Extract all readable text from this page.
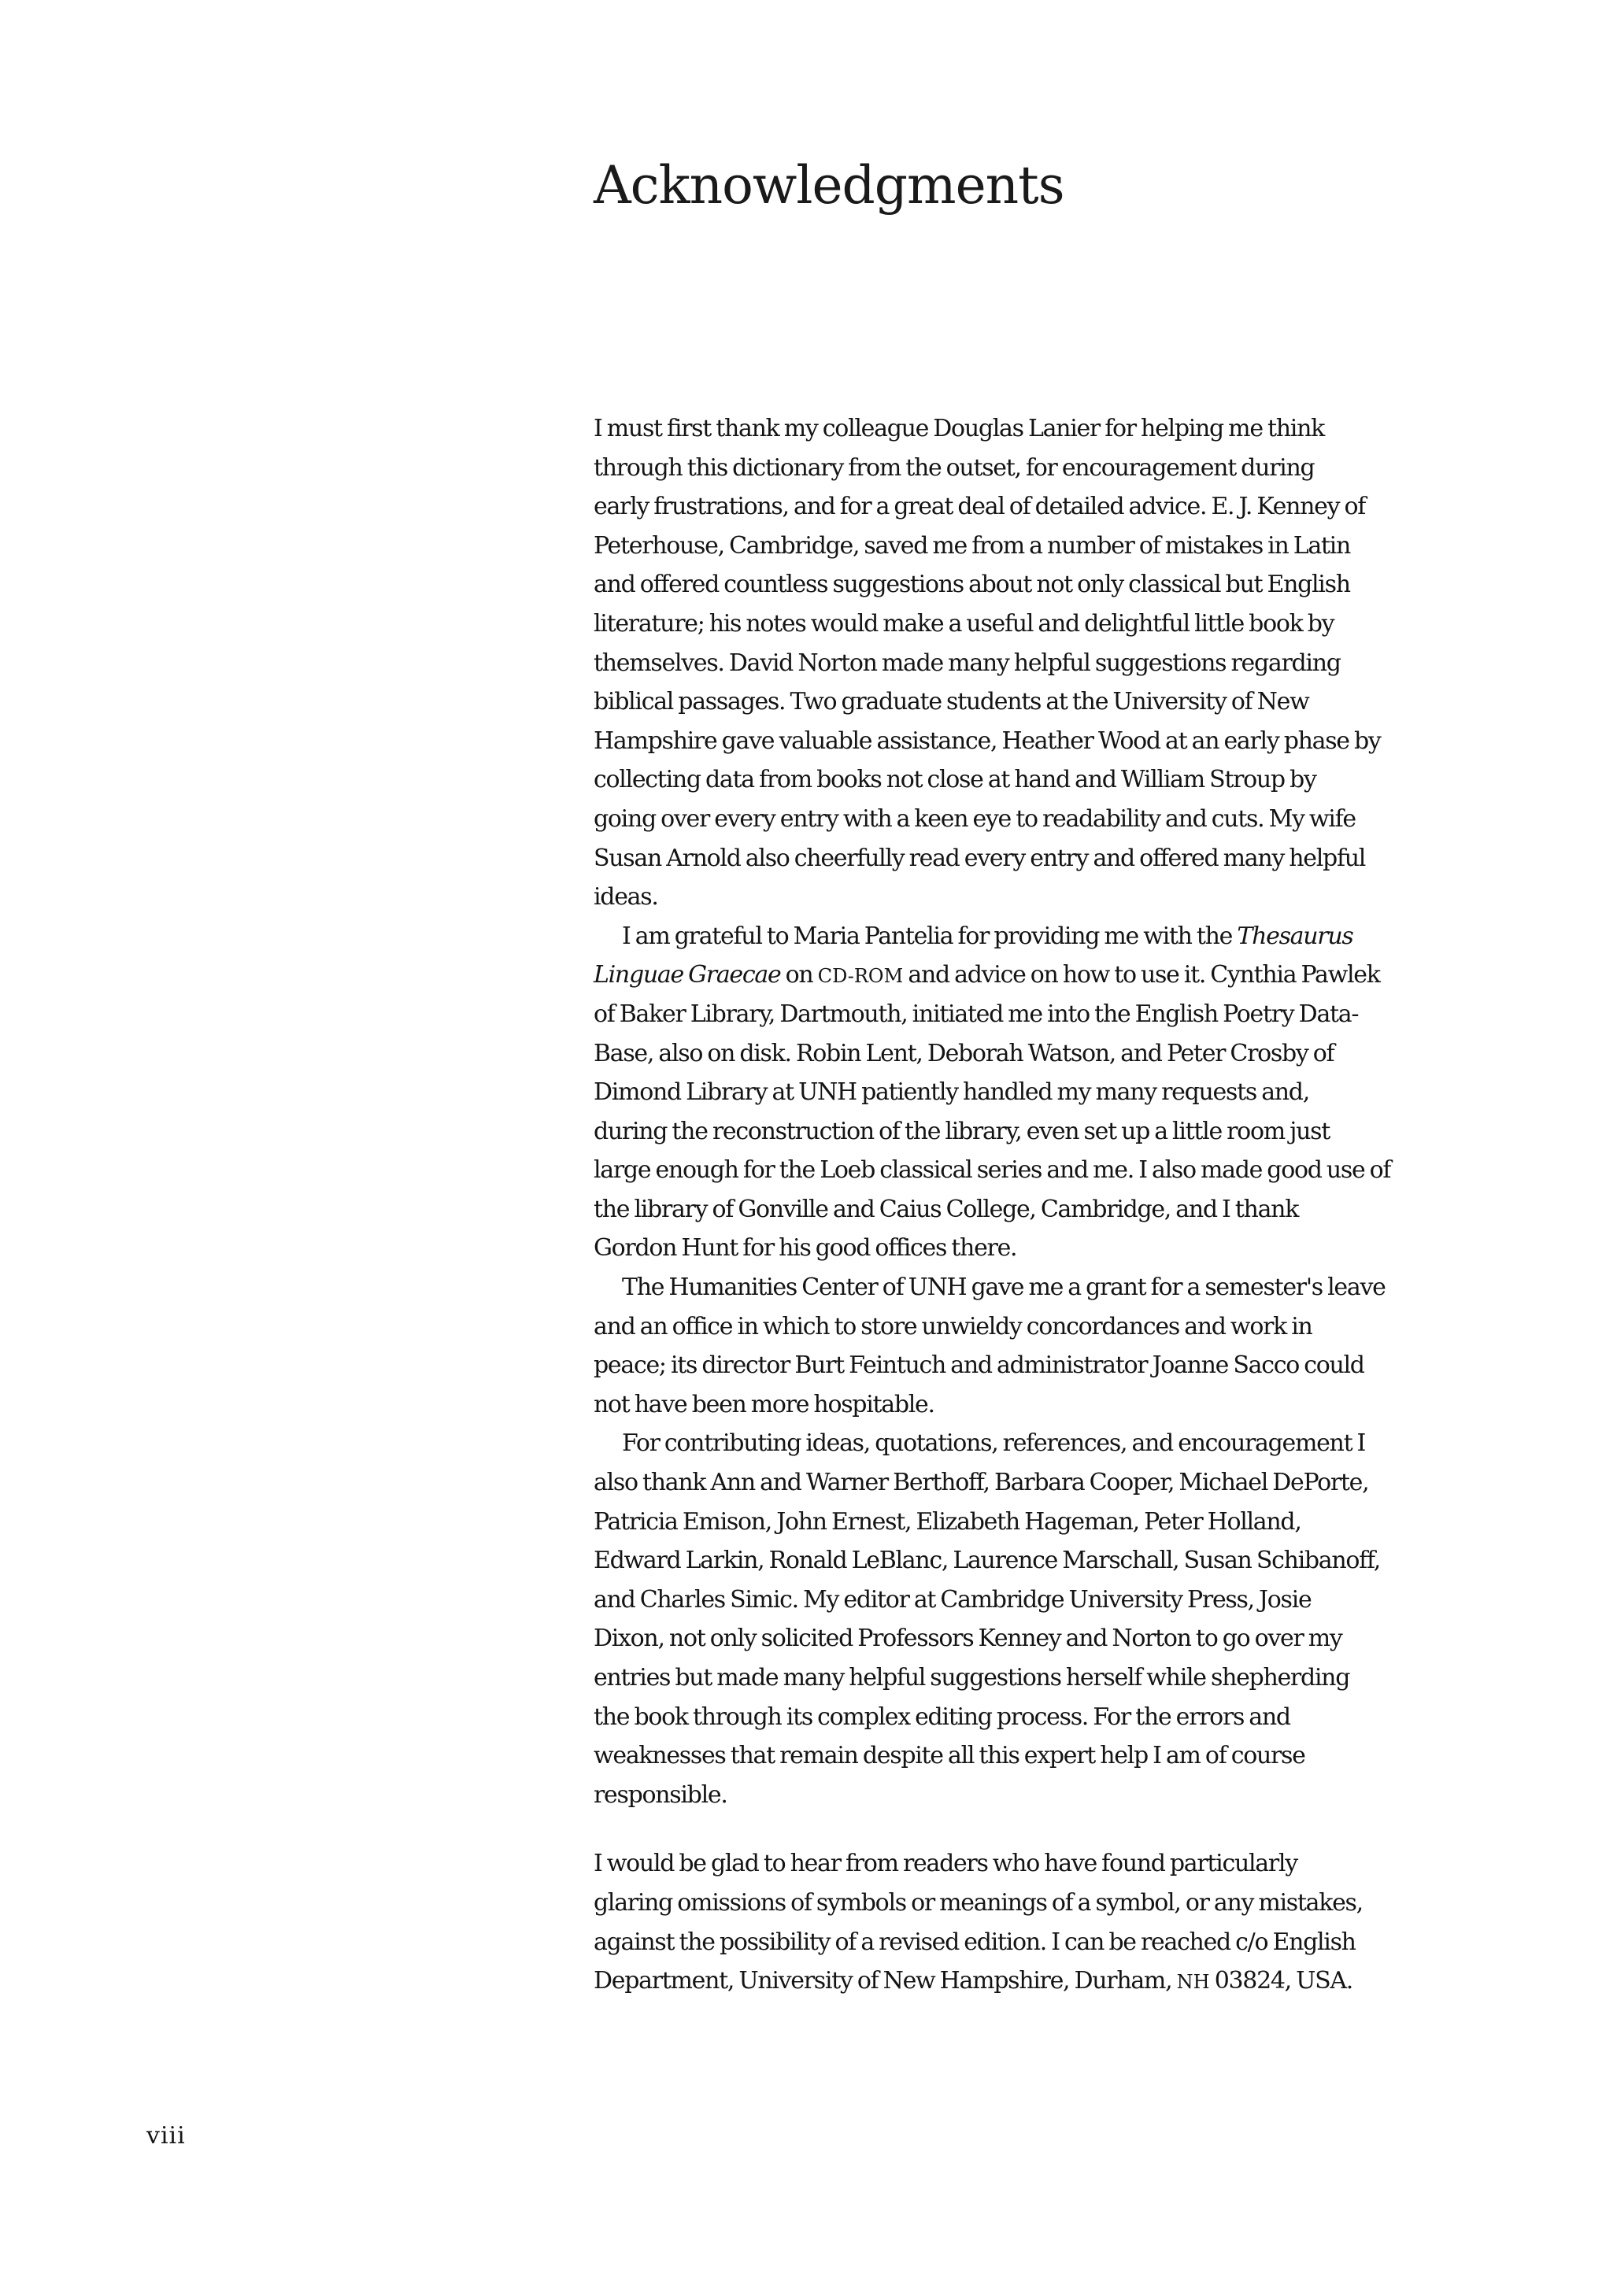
Acknowledgments
I must first thank my colleague Douglas Lanier for helping me think
through this dictionary from the outset, for encouragement during
early frustrations, and for a great deal of detailed advice. E. J. Kenney of
Peterhouse, Cambridge, saved me from a number of mistakes in Latin
and offered countless suggestions about not only classical but English
literature; his notes would make a useful and delightful little book by
themselves. David Norton made many helpful suggestions regarding
biblical passages. Two graduate students at the University of New
Hampshire gave valuable assistance, Heather Wood at an early phase by
collecting data from books not close at hand and William Stroup by
going over every entry with a keen eye to readability and cuts. My wife
Susan Arnold also cheerfully read every entry and offered many helpful
ideas.
I am grateful to Maria Pantelia for providing me with the Thesaurus
Linguae Graecae on CD-ROM and advice on how to use it. Cynthia Pawlek
of Baker Library, Dartmouth, initiated me into the English Poetry Data-
Base, also on disk. Robin Lent, Deborah Watson, and Peter Crosby of
Dimond Library at UNH patiently handled my many requests and,
during the reconstruction of the library, even set up a little room just
large enough for the Loeb classical series and me. I also made good use of
the library of Gonville and Caius College, Cambridge, and I thank
Gordon Hunt for his good offices there.
The Humanities Center of UNH gave me a grant for a semester's leave
and an office in which to store unwieldy concordances and work in
peace; its director Burt Feintuch and administrator Joanne Sacco could
not have been more hospitable.
For contributing ideas, quotations, references, and encouragement I
also thank Ann and Warner Berthoff, Barbara Cooper, Michael DePorte,
Patricia Emison, John Ernest, Elizabeth Hageman, Peter Holland,
Edward Larkin, Ronald LeBlanc, Laurence Marschall, Susan Schibanoff,
and Charles Simic. My editor at Cambridge University Press, Josie
Dixon, not only solicited Professors Kenney and Norton to go over my
entries but made many helpful suggestions herself while shepherding
the book through its complex editing process. For the errors and
weaknesses that remain despite all this expert help I am of course
responsible.
I would be glad to hear from readers who have found particularly
glaring omissions of symbols or meanings of a symbol, or any mistakes,
against the possibility of a revised edition. I can be reached c/o English
Department, University of New Hampshire, Durham, NH 03824, USA.
viii
